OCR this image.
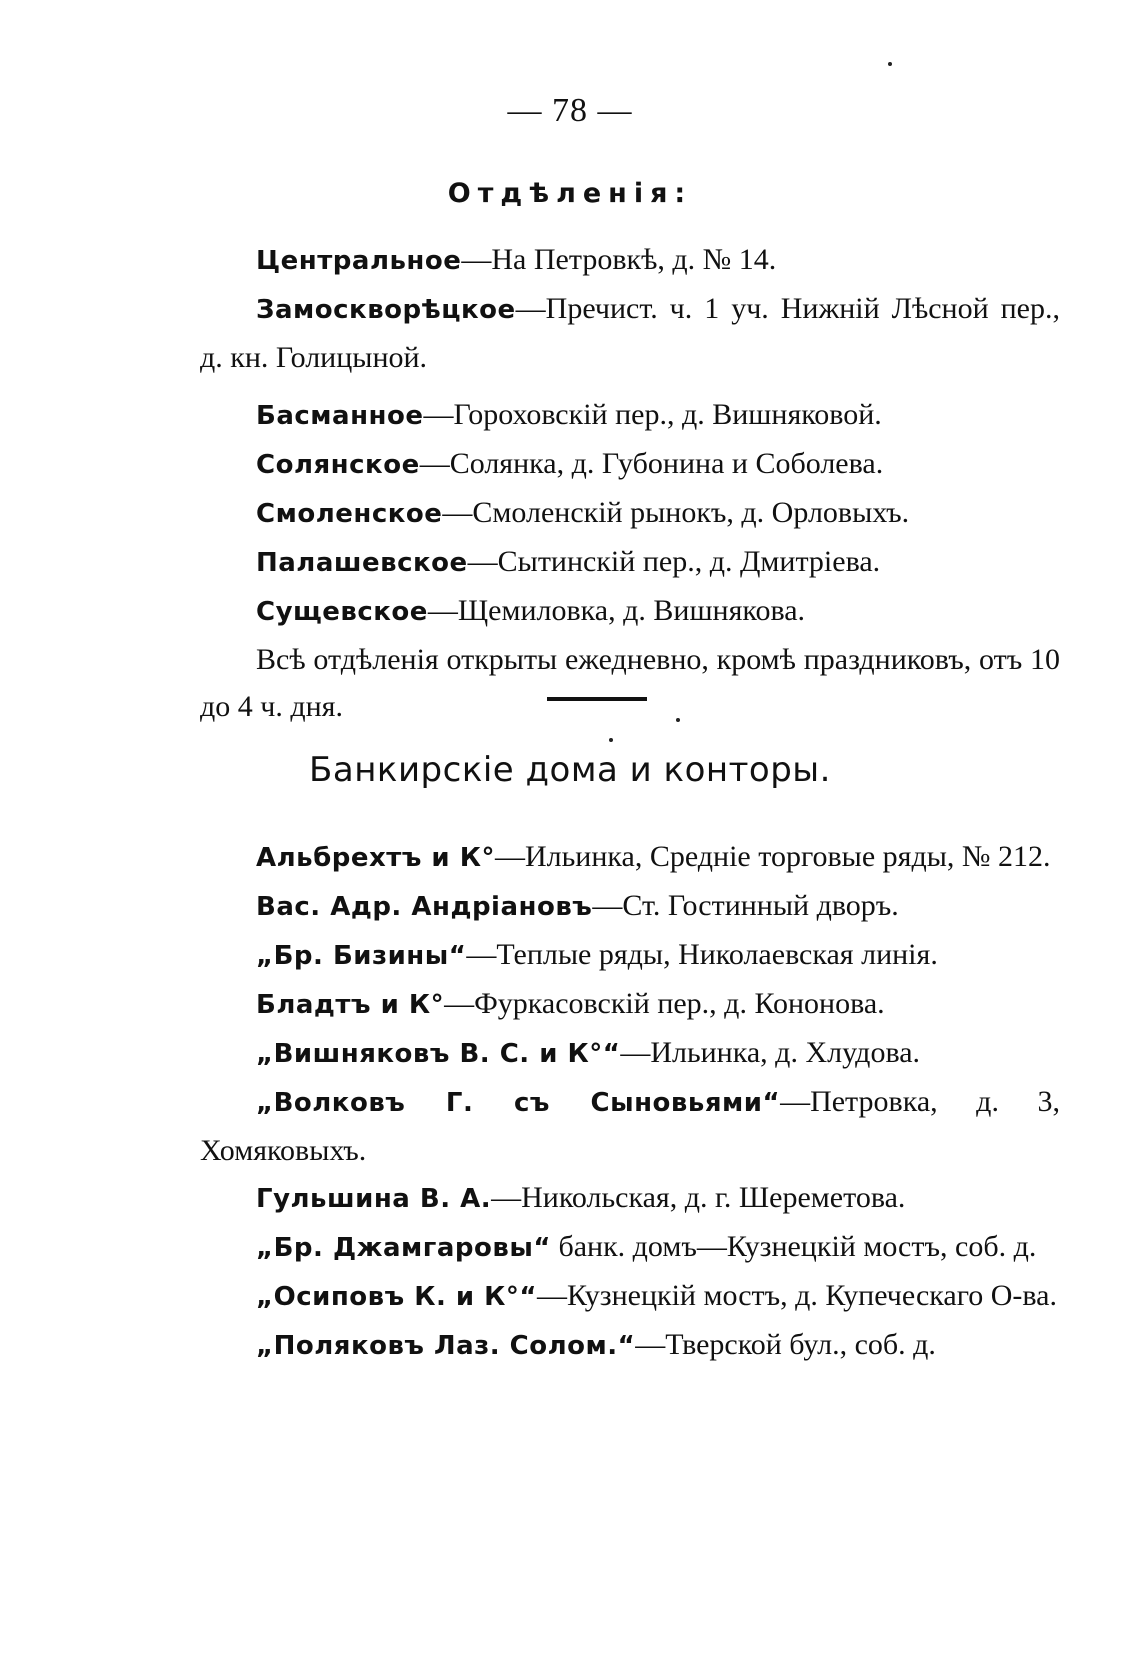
— 78 —
Отдѣленія:

Центральное—На Петровкѣ, д. № 14.

Замоскворѣцкое—Пречист. ч. 1 уч. Нижній Лѣсной пер., д. кн. Голицыной.

Басманное—Гороховскій пер., д. Вишняковой.

Солянское—Солянка, д. Губонина и Соболева.

Смоленское—Смоленскій рынокъ, д. Орловыхъ.

Палашевское—Сытинскій пер., д. Дмитріева.

Сущевское—Щемиловка, д. Вишнякова.

Всѣ отдѣленія открыты ежедневно, кромѣ праздниковъ, отъ 10 до 4 ч. дня.

Банкирскіе дома и конторы.

Альбрехтъ и К°—Ильинка, Средніе торговые ряды, № 212.

Вас. Адр. Андріановъ—Ст. Гостинный дворъ.

„Бр. Бизины“—Теплые ряды, Николаевская линія.

Бладтъ и К°—Фуркасовскій пер., д. Кононова.

„Вишняковъ В. С. и К°“—Ильинка, д. Хлудова.

„Волковъ Г. съ Сыновьями“—Петровка, д. 3, Хомяковыхъ.

Гульшина В. А.—Никольская, д. г. Шереметова.

„Бр. Джамгаровы“ банк. домъ—Кузнецкій мостъ, соб. д.

„Осиповъ К. и К°“—Кузнецкій мостъ, д. Купеческаго О-ва.

„Поляковъ Лаз. Солом.“—Тверской бул., соб. д.
